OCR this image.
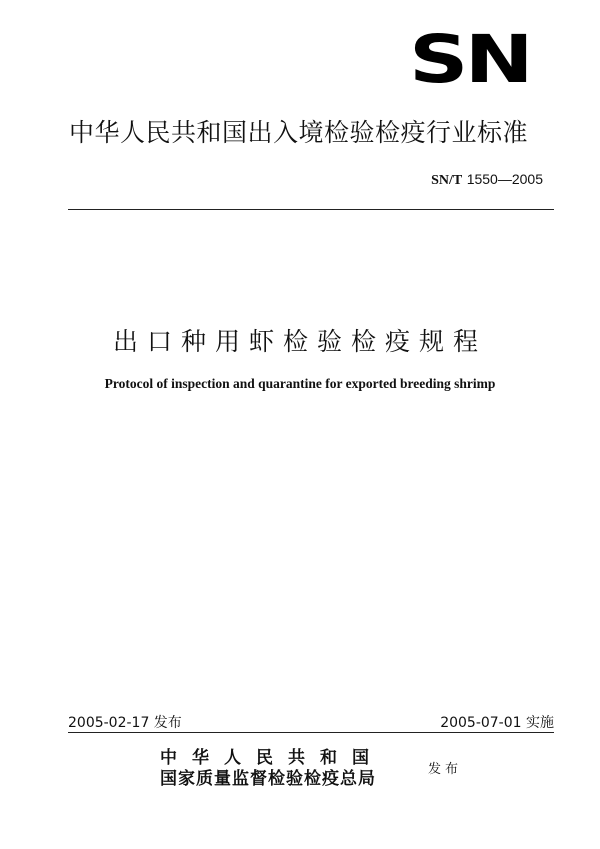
SN
中华人民共和国出入境检验检疫行业标准
SN/T 1550—2005
出口种用虾检验检疫规程
Protocol of inspection and quarantine for exported breeding shrimp
2005-02-17 发布	2005-07-01 实施
中华人民共和国
国家质量监督检验检疫总局	发布
